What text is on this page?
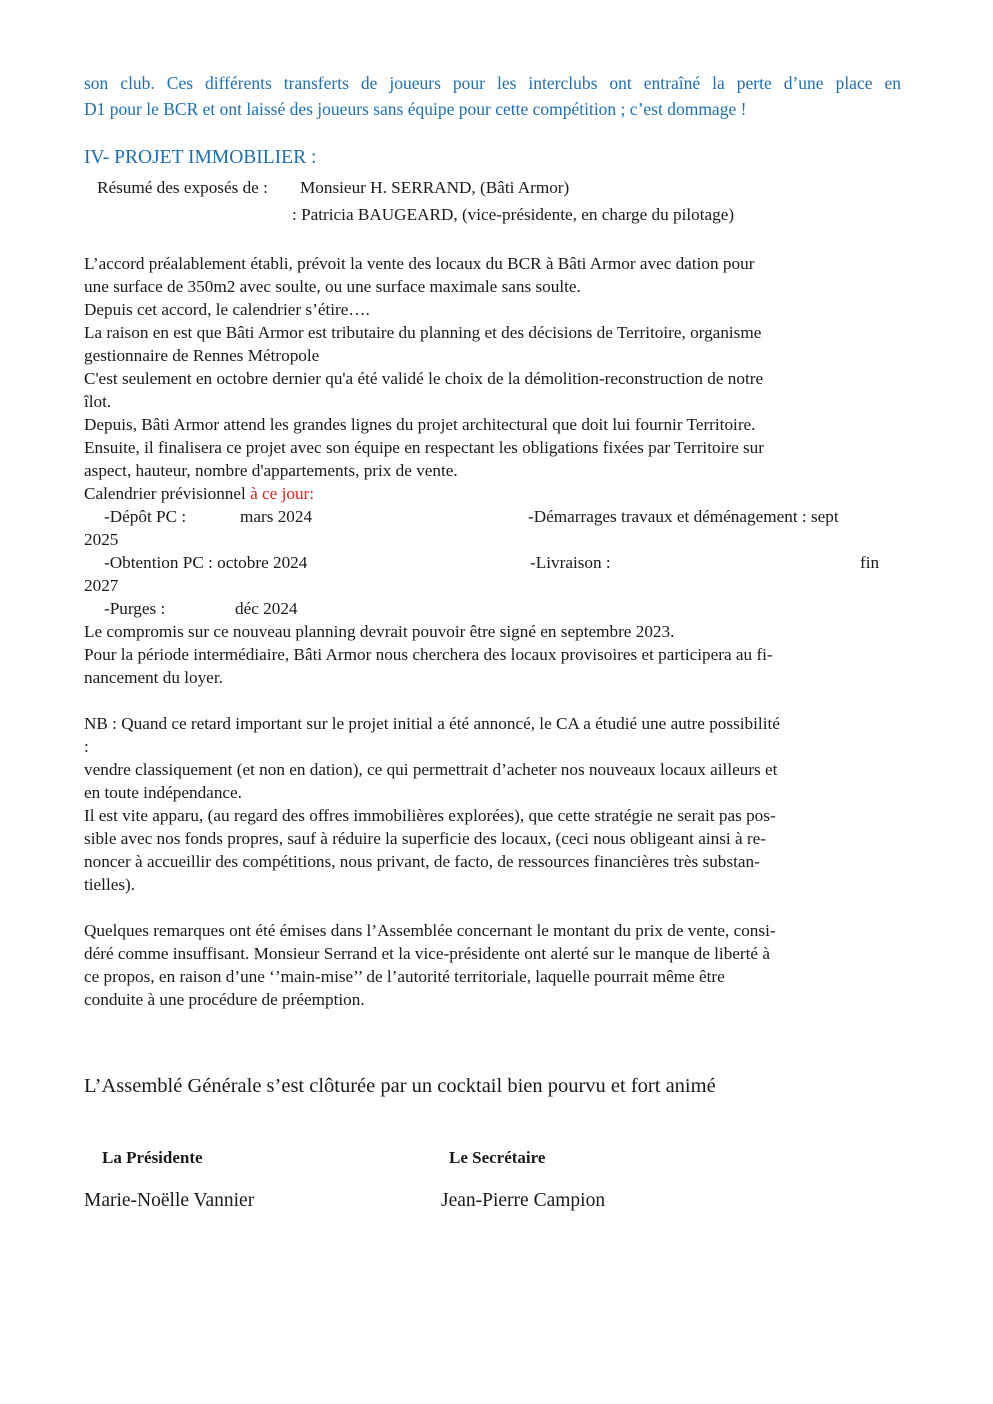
son club. Ces différents transferts de joueurs pour les interclubs ont entraîné la perte d’une place en
D1 pour le BCR et ont laissé des joueurs sans équipe pour cette compétition ; c’est dommage !
IV- PROJET IMMOBILIER :
Résumé des exposés de : Monsieur H. SERRAND, (Bâti Armor)
: Patricia BAUGEARD, (vice-présidente, en charge du pilotage)
L’accord préalablement établi, prévoit la vente des locaux du BCR à Bâti Armor avec dation pour
une surface de 350m2 avec soulte, ou une surface maximale sans soulte.
Depuis cet accord, le calendrier s’étire….
La raison en est que Bâti Armor est tributaire du planning et des décisions de Territoire, organisme
gestionnaire de Rennes Métropole
C'est seulement en octobre dernier qu'a été validé le choix de la démolition-reconstruction de notre
îlot.
Depuis, Bâti Armor attend les grandes lignes du projet architectural que doit lui fournir Territoire.
Ensuite, il finalisera ce projet avec son équipe en respectant les obligations fixées par Territoire sur
aspect, hauteur, nombre d'appartements, prix de vente.
Calendrier prévisionnel à ce jour:
-Dépôt PC :	mars 2024	-Démarrages travaux et déménagement : sept
2025
-Obtention PC : octobre 2024	-Livraison :	fin
2027
-Purges :	déc 2024
Le compromis sur ce nouveau planning devrait pouvoir être signé en septembre 2023.
Pour la période intermédiaire, Bâti Armor nous cherchera des locaux provisoires et participera au fi-
nancement du loyer.
NB : Quand ce retard important sur le projet initial a été annoncé, le CA a étudié une autre possibilité
:
vendre classiquement (et non en dation), ce qui permettrait d’acheter nos nouveaux locaux ailleurs et
en toute indépendance.
Il est vite apparu, (au regard des offres immobilières explorées), que cette stratégie ne serait pas pos-
sible avec nos fonds propres, sauf à réduire la superficie des locaux, (ceci nous obligeant ainsi à re-
noncer à accueillir des compétitions, nous privant, de facto, de ressources financières très substan-
tielles).
Quelques remarques ont été émises dans l’Assemblée concernant le montant du prix de vente, consi-
déré comme insuffisant. Monsieur Serrand et la vice-présidente ont alerté sur le manque de liberté à
ce propos, en raison d’une ‘’main-mise’’ de l’autorité territoriale, laquelle pourrait même être
conduite à une procédure de préemption.
L’Assemblé Générale s’est clôturée par un cocktail bien pourvu et fort animé
La Présidente	Le Secrétaire
Marie-Noëlle Vannier	Jean-Pierre Campion
